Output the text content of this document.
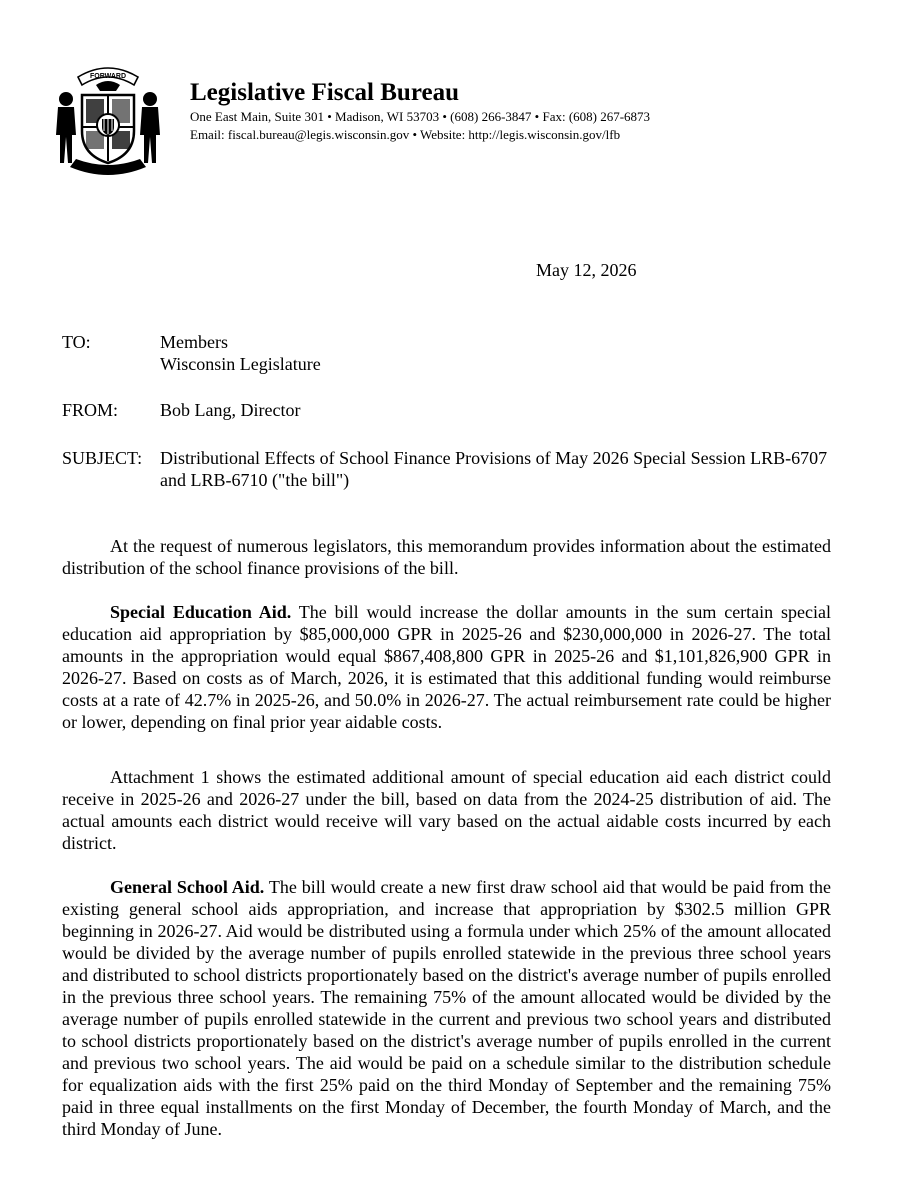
FORWARD

Legislative Fiscal Bureau

One East Main, Suite 301 • Madison, WI 53703 • (608) 266-3847 • Fax: (608) 267-6873

Email: fiscal.bureau@legis.wisconsin.gov • Website: http://legis.wisconsin.gov/lfb

May 12, 2026
TO:	Members
Wisconsin Legislature
FROM: Bob Lang, Director
SUBJECT: Distributional Effects of School Finance Provisions of May 2026 Special Session LRB-6707 and LRB-6710 ("the bill")

At the request of numerous legislators, this memorandum provides information about the estimated distribution of the school finance provisions of the bill.

Special Education Aid. The bill would increase the dollar amounts in the sum certain special education aid appropriation by $85,000,000 GPR in 2025-26 and $230,000,000 in 2026-27. The total amounts in the appropriation would equal $867,408,800 GPR in 2025-26 and $1,101,826,900 GPR in 2026-27. Based on costs as of March, 2026, it is estimated that this additional funding would reimburse costs at a rate of 42.7% in 2025-26, and 50.0% in 2026-27. The actual reimbursement rate could be higher or lower, depending on final prior year aidable costs.

Attachment 1 shows the estimated additional amount of special education aid each district could receive in 2025-26 and 2026-27 under the bill, based on data from the 2024-25 distribution of aid. The actual amounts each district would receive will vary based on the actual aidable costs incurred by each district.

General School Aid. The bill would create a new first draw school aid that would be paid from the existing general school aids appropriation, and increase that appropriation by $302.5 million GPR beginning in 2026-27. Aid would be distributed using a formula under which 25% of the amount allocated would be divided by the average number of pupils enrolled statewide in the previous three school years and distributed to school districts proportionately based on the district's average number of pupils enrolled in the previous three school years. The remaining 75% of the amount allocated would be divided by the average number of pupils enrolled statewide in the current and previous two school years and distributed to school districts proportionately based on the district's average number of pupils enrolled in the current and previous two school years. The aid would be paid on a schedule similar to the distribution schedule for equalization aids with the first 25% paid on the third Monday of September and the remaining 75% paid in three equal installments on the first Monday of December, the fourth Monday of March, and the third Monday of June.
